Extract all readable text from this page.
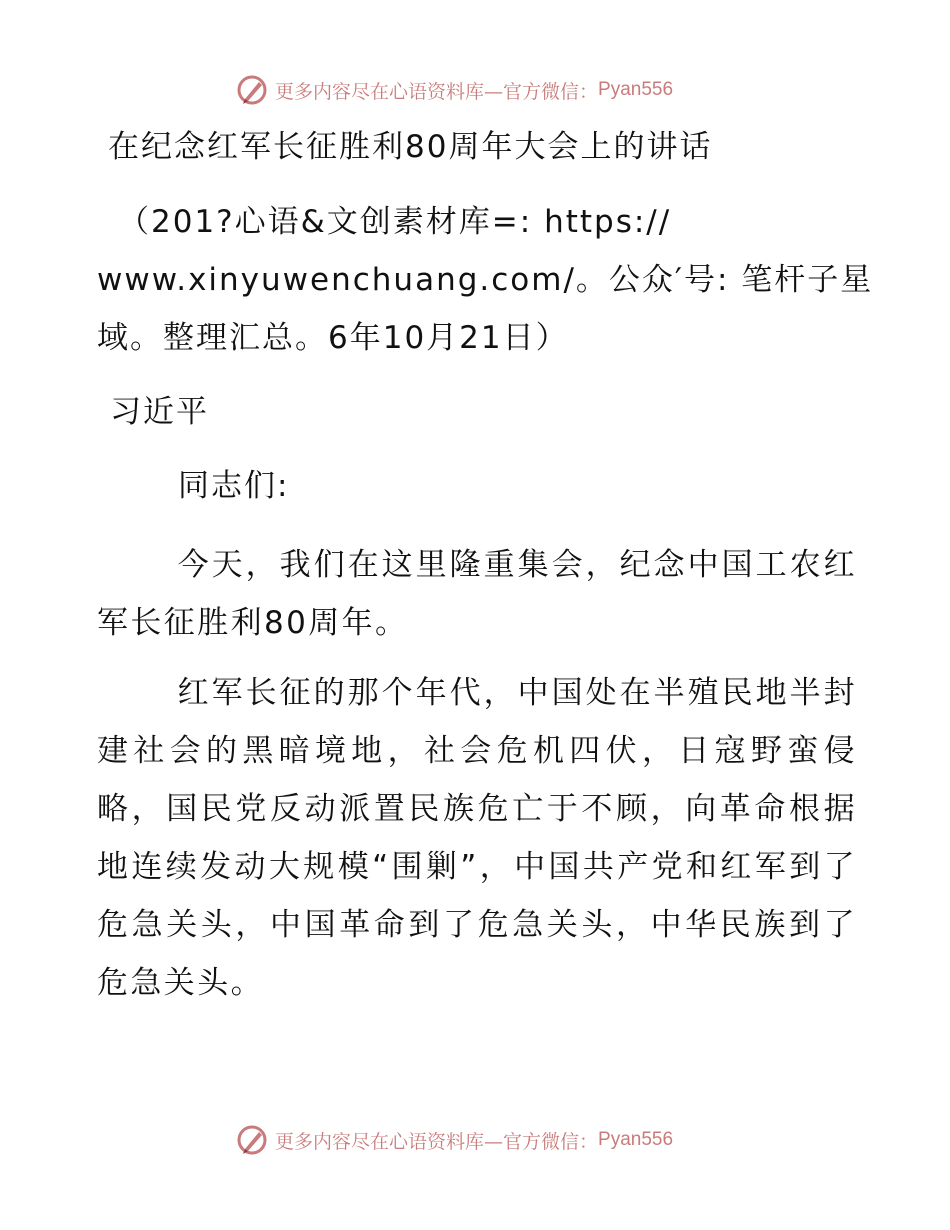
更多内容尽在心语资料库—官方微信： Pyan556
在纪念红军长征胜利80周年大会上的讲话
（201?心语&文创素材库=: https://
www.xinyuwenchuang.com/。公众′号: 笔杆子星
域。整理汇总。6年10月21日）
习近平
同志们:
今天，我们在这里隆重集会，纪念中国工农红军长征胜利80周年。
红军长征的那个年代，中国处在半殖民地半封建社会的黑暗境地，社会危机四伏，日寇野蛮侵略，国民党反动派置民族危亡于不顾，向革命根据地连续发动大规模“围剿”，中国共产党和红军到了危急关头，中国革命到了危急关头，中华民族到了危急关头。
更多内容尽在心语资料库—官方微信： Pyan556
